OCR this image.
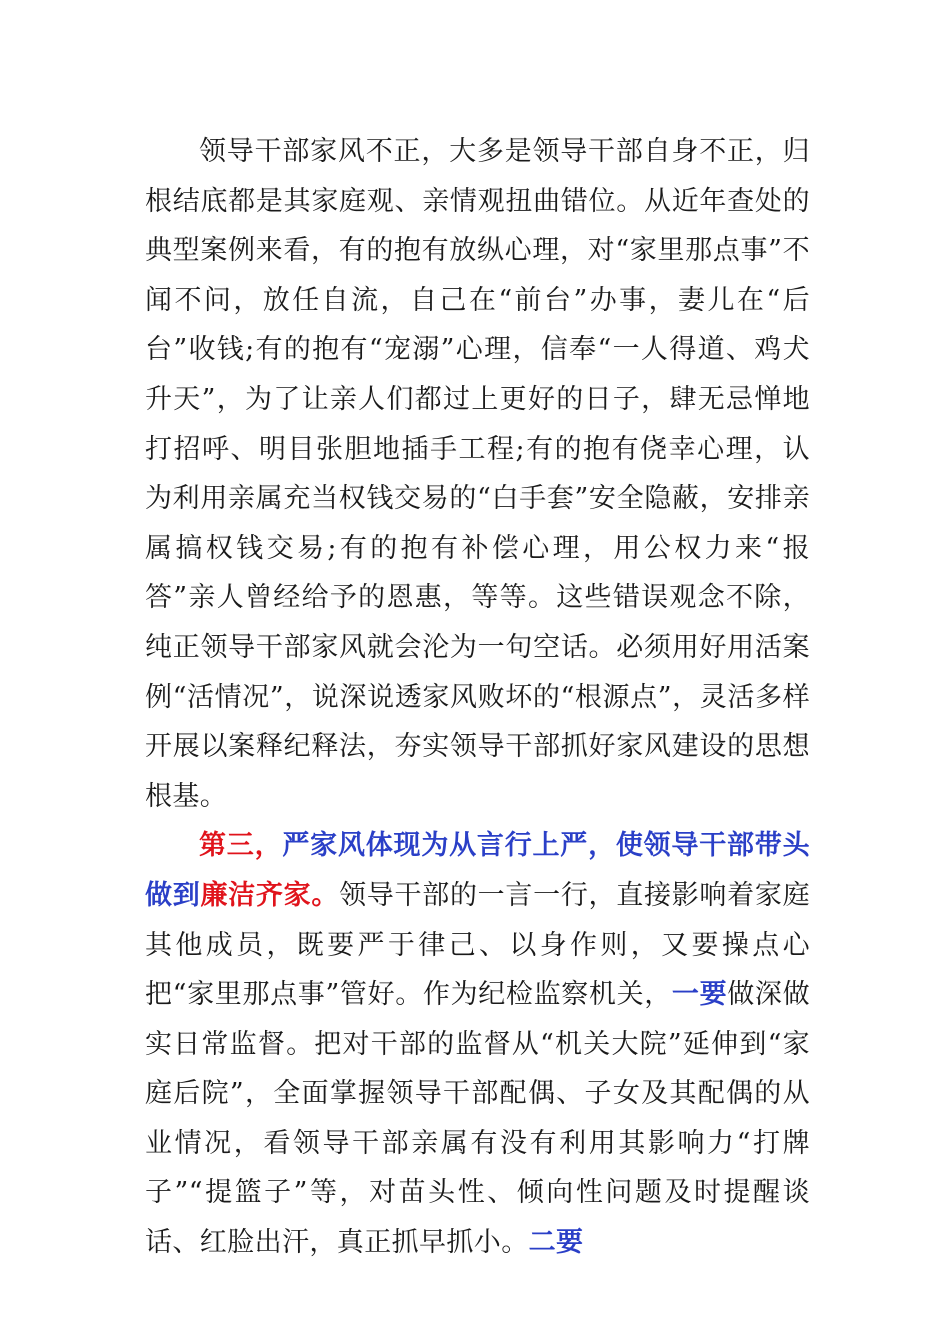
领导干部家风不正，大多是领导干部自身不正，归根结底都是其家庭观、亲情观扭曲错位。从近年查处的典型案例来看，有的抱有放纵心理，对“家里那点事”不闻不问，放任自流，自己在“前台”办事，妻儿在“后台”收钱;有的抱有“宠溺”心理，信奉“一人得道、鸡犬升天”，为了让亲人们都过上更好的日子，肆无忌惮地打招呼、明目张胆地插手工程;有的抱有侥幸心理，认为利用亲属充当权钱交易的“白手套”安全隐蔽，安排亲属搞权钱交易;有的抱有补偿心理，用公权力来“报答”亲人曾经给予的恩惠，等等。这些错误观念不除，纯正领导干部家风就会沦为一句空话。必须用好用活案例“活情况”，说深说透家风败坏的“根源点”，灵活多样开展以案释纪释法，夯实领导干部抓好家风建设的思想根基。

第三，严家风体现为从言行上严，使领导干部带头做到廉洁齐家。领导干部的一言一行，直接影响着家庭其他成员，既要严于律己、以身作则，又要操点心把“家里那点事”管好。作为纪检监察机关，一要做深做实日常监督。把对干部的监督从“机关大院”延伸到“家庭后院”，全面掌握领导干部配偶、子女及其配偶的从业情况，看领导干部亲属有没有利用其影响力“打牌子”“提篮子”等，对苗头性、倾向性问题及时提醒谈话、红脸出汗，真正抓早抓小。二要
